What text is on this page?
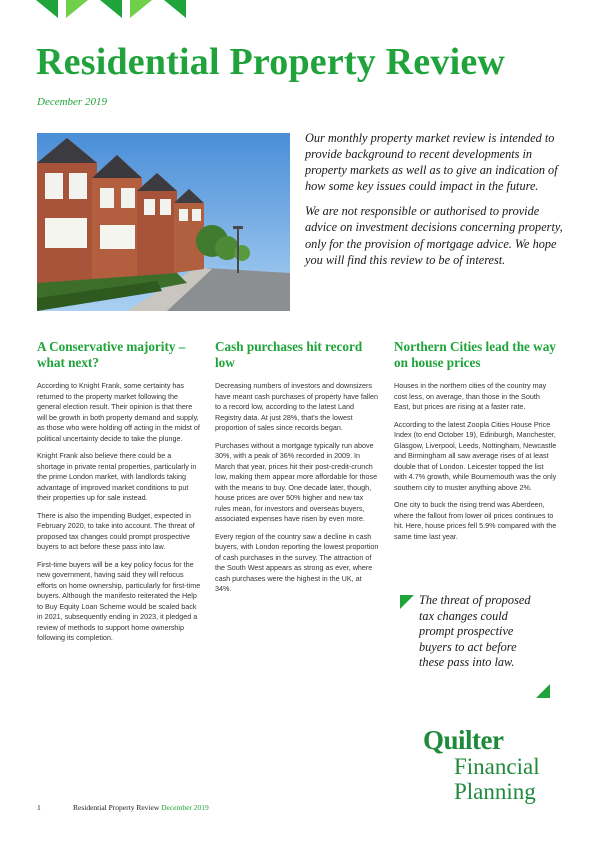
Residential Property Review
December 2019

Our monthly property market review is intended to provide background to recent developments in property markets as well as to give an indication of how some key issues could impact in the future.

We are not responsible or authorised to provide advice on investment decisions concerning property, only for the provision of mortgage advice. We hope you will find this review to be of interest.

A Conservative majority – what next?

According to Knight Frank, some certainty has returned to the property market following the general election result. Their opinion is that there will be growth in both property demand and supply, as those who were holding off acting in the midst of political uncertainty decide to take the plunge.

Knight Frank also believe there could be a shortage in private rental properties, particularly in the prime London market, with landlords taking advantage of improved market conditions to put their properties up for sale instead.

There is also the impending Budget, expected in February 2020, to take into account. The threat of proposed tax changes could prompt prospective buyers to act before these pass into law.

First-time buyers will be a key policy focus for the new government, having said they will refocus efforts on home ownership, particularly for first-time buyers. Although the manifesto reiterated the Help to Buy Equity Loan Scheme would be scaled back in 2021, subsequently ending in 2023, it pledged a review of methods to support home ownership following its completion.

Cash purchases hit record low

Decreasing numbers of investors and downsizers have meant cash purchases of property have fallen to a record low, according to the latest Land Registry data. At just 28%, that's the lowest proportion of sales since records began.

Purchases without a mortgage typically run above 30%, with a peak of 36% recorded in 2009. In March that year, prices hit their post-credit-crunch low, making them appear more affordable for those with the means to buy. One decade later, though, house prices are over 50% higher and new tax rules mean, for investors and overseas buyers, associated expenses have risen by even more.

Every region of the country saw a decline in cash buyers, with London reporting the lowest proportion of cash purchases in the survey. The attraction of the South West appears as strong as ever, where cash purchases were the highest in the UK, at 34%.

Northern Cities lead the way on house prices

Houses in the northern cities of the country may cost less, on average, than those in the South East, but prices are rising at a faster rate.

According to the latest Zoopla Cities House Price Index (to end October 19), Edinburgh, Manchester, Glasgow, Liverpool, Leeds, Nottingham, Newcastle and Birmingham all saw average rises of at least double that of London. Leicester topped the list with 4.7% growth, while Bournemouth was the only southern city to muster anything above 2%.

One city to buck the rising trend was Aberdeen, where the fallout from lower oil prices continues to hit. Here, house prices fell 5.9% compared with the same time last year.

The threat of proposed tax changes could prompt prospective buyers to act before these pass into law.
Quilter
Financial
Planning
1	Residential Property Review December 2019
